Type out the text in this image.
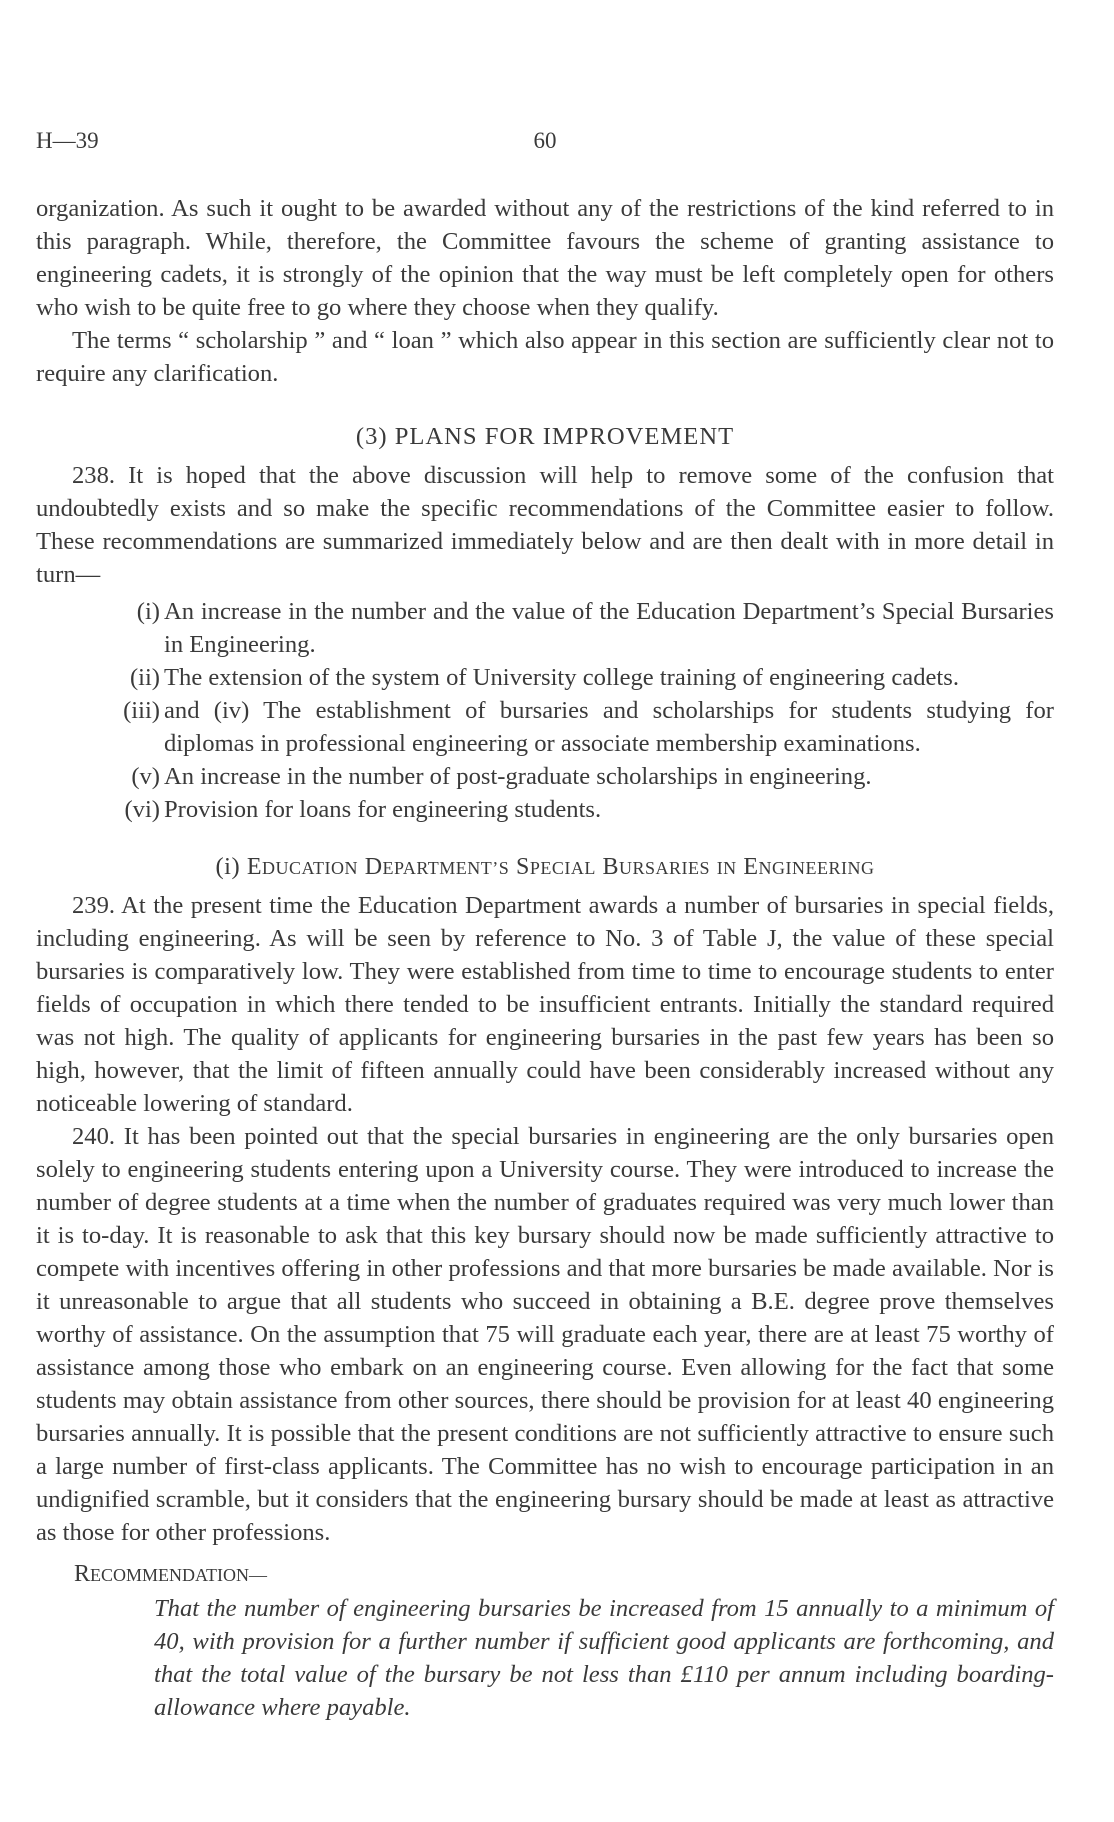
H—39	60

organization. As such it ought to be awarded without any of the restrictions of the kind referred to in this paragraph. While, therefore, the Committee favours the scheme of granting assistance to engineering cadets, it is strongly of the opinion that the way must be left completely open for others who wish to be quite free to go where they choose when they qualify.

The terms “ scholarship ” and “ loan ” which also appear in this section are sufficiently clear not to require any clarification.

(3) PLANS FOR IMPROVEMENT

238. It is hoped that the above discussion will help to remove some of the confusion that undoubtedly exists and so make the specific recommendations of the Committee easier to follow. These recommendations are summarized immediately below and are then dealt with in more detail in turn—

(i) An increase in the number and the value of the Education Department’s Special Bursaries in Engineering.
(ii) The extension of the system of University college training of engineering cadets.
(iii) and (iv) The establishment of bursaries and scholarships for students studying for diplomas in professional engineering or associate membership examinations.
(v) An increase in the number of post-graduate scholarships in engineering.
(vi) Provision for loans for engineering students.
(i) EDUCATION DEPARTMENT’S SPECIAL BURSARIES IN ENGINEERING

239. At the present time the Education Department awards a number of bursaries in special fields, including engineering. As will be seen by reference to No. 3 of Table J, the value of these special bursaries is comparatively low. They were established from time to time to encourage students to enter fields of occupation in which there tended to be insufficient entrants. Initially the standard required was not high. The quality of applicants for engineering bursaries in the past few years has been so high, however, that the limit of fifteen annually could have been considerably increased without any noticeable lowering of standard.

240. It has been pointed out that the special bursaries in engineering are the only bursaries open solely to engineering students entering upon a University course. They were introduced to increase the number of degree students at a time when the number of graduates required was very much lower than it is to-day. It is reasonable to ask that this key bursary should now be made sufficiently attractive to compete with incentives offering in other professions and that more bursaries be made available. Nor is it unreasonable to argue that all students who succeed in obtaining a B.E. degree prove themselves worthy of assistance. On the assumption that 75 will graduate each year, there are at least 75 worthy of assistance among those who embark on an engineering course. Even allowing for the fact that some students may obtain assistance from other sources, there should be provision for at least 40 engineering bursaries annually. It is possible that the present conditions are not sufficiently attractive to ensure such a large number of first-class applicants. The Committee has no wish to encourage participation in an undignified scramble, but it considers that the engineering bursary should be made at least as attractive as those for other professions.

RECOMMENDATION—

That the number of engineering bursaries be increased from 15 annually to a minimum of 40, with provision for a further number if sufficient good applicants are forthcoming, and that the total value of the bursary be not less than £110 per annum including boarding-allowance where payable.
